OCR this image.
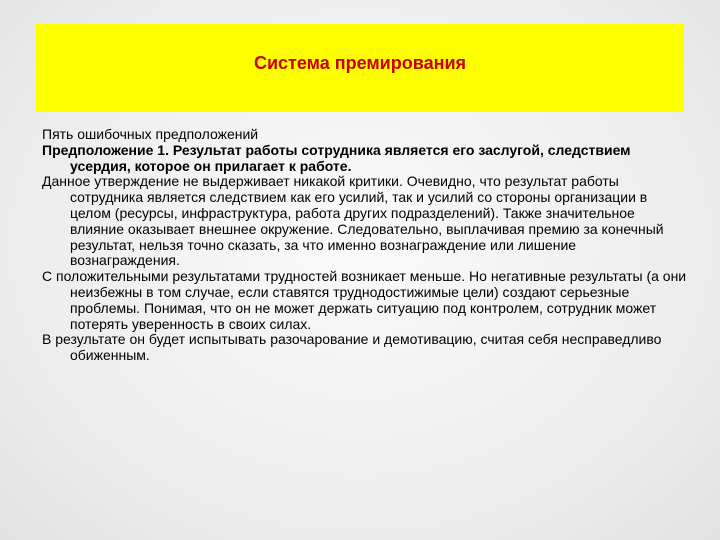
Система премирования

Пять ошибочных предположений

Предположение 1. Результат работы сотрудника является его заслугой, следствием усердия, которое он прилагает к работе.

Данное утверждение не выдерживает никакой критики. Очевидно, что результат работы сотрудника является следствием как его усилий, так и усилий со стороны организации в целом (ресурсы, инфраструктура, работа других подразделений). Также значительное влияние оказывает внешнее окружение. Следовательно, выплачивая премию за конечный результат, нельзя точно сказать, за что именно вознаграждение или лишение вознаграждения.

С положительными результатами трудностей возникает меньше. Но негативные результаты (а они неизбежны в том случае, если ставятся труднодостижимые цели) создают серьезные проблемы. Понимая, что он не может держать ситуацию под контролем, сотрудник может потерять уверенность в своих силах.

В результате он будет испытывать разочарование и демотивацию, считая себя несправедливо обиженным.
